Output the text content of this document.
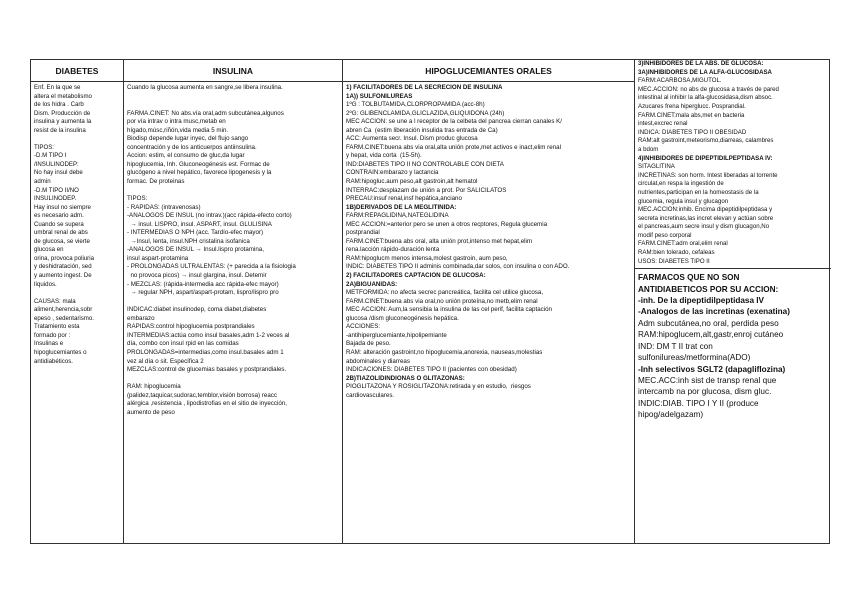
DIABETES
Enf. En la que se
altera el metabolismo
de los hidra . Carb
Dism. Producción de
insulina y aumenta la
resist de la insulina

TIPOS:
-D.M TIPO I
/INSULINODEP:
No hay insul debe
admin
-D.M TIPO II/NO
INSULINODEP.
Hay insul no siempre
es necesario adm.
Cuando se supera
umbral renal de abs
de glucosa, se vierte
glucosa en
orina, provoca poliuria
y deshidratación, sed
y aumento ingest. De
líquidos.

CAUSAS: mala
aliment,herencia,sobr
epeso , sedentarismo.
Tratamiento esta
formado por :
Insulinas e
hipoglucemiantes o
antidiabéticos.
INSULINA
Cuando la glucosa aumenta en sangre,se libera insulina.

FARMA.CINET: No abs.vía oral,adm subcutánea,algunos
por vía intrav o intra musc,metab en
hígado,músc,riñón,vida media 5 min.
Biodisp depende lugar inyec, del flujo sango
concentración y de los anticuerpos antiinsulina.
Accion: estim, el consumo de gluc,da lugar
hipoglucemia, Inh. Gluconeogénesis est. Formac de
glucógeno a nivel hepático, favorece lipogenesis y la
formac. De proteinas

TIPOS:
- RAPIDAS: (intravenosas)
-ANALOGOS DE INSUL (no intrav.)(acc rápida-efecto corto)
→ insul. LISPRO, insul. ASPART, insul. GLULISINA
- INTERMEDIAS O NPH (acc. Tardío-efec mayor)
→Insul, lenta, insul.NPH cristalina isofanica
-ANALOGOS DE INSUL → Insul.lispro protamina,
insul aspart-protamina
- PROLONGADAS ULTRALENTAS: (+ parecida a la fisiologia
no provoca picos) → insul glargina, insul. Detemir
- MEZCLAS: (rápida-intermedia acc rápida-efec mayor)
→ regular NPH, aspart/aspart-protam, lispro/lispro pro

INDICAC:diabet insulinodep, coma diabet,diabetes
embarazo
RAPIDAS:control hipoglucemia postprandiales
INTERMEDIAS:actúa como insul basales,adm 1-2 veces al
día, combo con insul rpid en las comidas
PROLONGADAS=intermedias,como insul.basales adm 1
vez al día o sit. Específica 2
MEZCLAS:control de glucemias basales y postprandiales.

RAM: hipoglucemia
(palidez,taquicar,sudorac,temblor,visión borrosa) reacc
alérgica ,resistencia , lipodistrofias en el sitio de inyección,
aumento de peso
HIPOGLUCEMIANTES ORALES
1) FACILITADORES DE LA SECRECION DE INSULINA
1A)) SULFONILUREAS
1ºG : TOLBUTAMIDA,CLORPROPAMIDA (acc-8h)
2ºG: GLIBENCLAMIDA,GLICLAZIDA,GLIQUIDONA (24h)
MEC ACCION: se une a l receptor de la celbeta del pancrea cierran canales K/
abren Ca  (estim liberación insulida tras entrada de Ca)
ACC: Aumenta secr. Insul. Dism produc glucosa
FARM.CINET:buena abs via oral,alta unión prote,met activos e inact,elim renal
y hepat, vida corta  (15-5h).
IND:DIABETES TIPO II NO CONTROLABLE CON DIETA
CONTRAIN:embarazo y lactancia
RAM:hipogluc.aum peso,alt gastroin,alt hematol
INTERRAC:desplazam de unión a prot. Por SALICILATOS
PRECAU:insuf renal,insf hepática,anciano
1B)DERIVADOS DE LA MEGLITINIDA:
FARM:REPAGLIDINA,NATEGLIDINA
MEC ACCION:=anterior pero se unen a otros recptores, Regula glucemia
postprandial
FARM.CINET:buena abs oral, alta unión prot,intenso met hepat,elim
rena.lacción rápido-duración lenta
RAM:hipoglucm menos intensa,molest gastroin, aum peso,
INDIC: DIABETES TIPO II adminis combinada,dar solos, con insulina o con ADO.
2) FACILITADORES CAPTACION DE GLUCOSA:
2A)BIGUANIDAS:
METFORMIDA: no afecta secrec pancreática, facilita cel utilice glucosa,
FARM.CINET:buena abs via oral,no unión proteína,no metb,elim renal
MEC ACCION: Aum,la sensibia la insulina de las cel perif, facilita captación
glucosa /dism gluconeogénesis hepática.
ACCIONES:
-antihiperglucemiante,hipolipemiante
Bajada de peso.
RAM: alteración gastroint,no hipoglucemia,anorexia, nauseas,molestias
abdominales y diarreas
INDICACIONES: DIABETES TIPO II (pacientes con obesidad)
2B)TIAZOLIDINDIONAS O GLITAZONAS:
PIOGLITAZONA Y ROSIGLITAZONA:retirada y en estudio,  riesgos
cardiovasculares.
3)INHIBIDORES DE LA ABS. DE GLUCOSA:
3A)INHIBIDORES DE LA ALFA-GLUCOSIDASA
FARM:ACARBOSA,MIGUTOL.
MEC.ACCION: no abs de glucosa a través de pared
intestinal al inhibir la alfa-glucosidasa,dism absoc.
Azucares frena hiperglucc. Posprandial.
FARM.CINET:mala abs,met en bacteria
intest,excrec renal
INDICA: DIABETES TIPO II OBESIDAD
RAM:alt gastroint,meteorismo,diarreas, calambres
a bdom
4)INHIBIDORES DE DIPEPTIDILPEPTIDASA IV:
SITAGLITINA
INCRETINAS: son horm. Intest liberadas al torrente
circulat,en respa la ingestión de
nutrientes,participan en la homeostasis de la
glucemia, regula insul y glucagon
MEC.ACCION:inhib. Encima dipeptidilpeptidasa y
secreta incretinas,las incret elevan y actúan sobre
el pancreas,aum secre insul y dism glucagon,No
modif peso corporal
FARM.CINET:adm oral,elim renal
RAM:bien tolerado, cefaleas
USOS: DIABETES TIPO II
FARMACOS QUE NO SON
ANTIDIABETICOS POR SU ACCION:
-inh. De la dipeptidilpeptidasa IV
-Analogos de las incretinas (exenatina)
Adm subcutánea,no oral, perdida peso
RAM:hipoglucem,alt,gastr,enroj cutáneo
IND: DM T II trat con
sulfonilureas/metformina(ADO)
-Inh selectivos SGLT2 (dapagliflozina)
MEC.ACC:inh sist de transp renal que
intercamb na por glucosa, dism gluc.
INDIC:DIAB. TIPO I Y II (produce
hipog/adelgazam)
